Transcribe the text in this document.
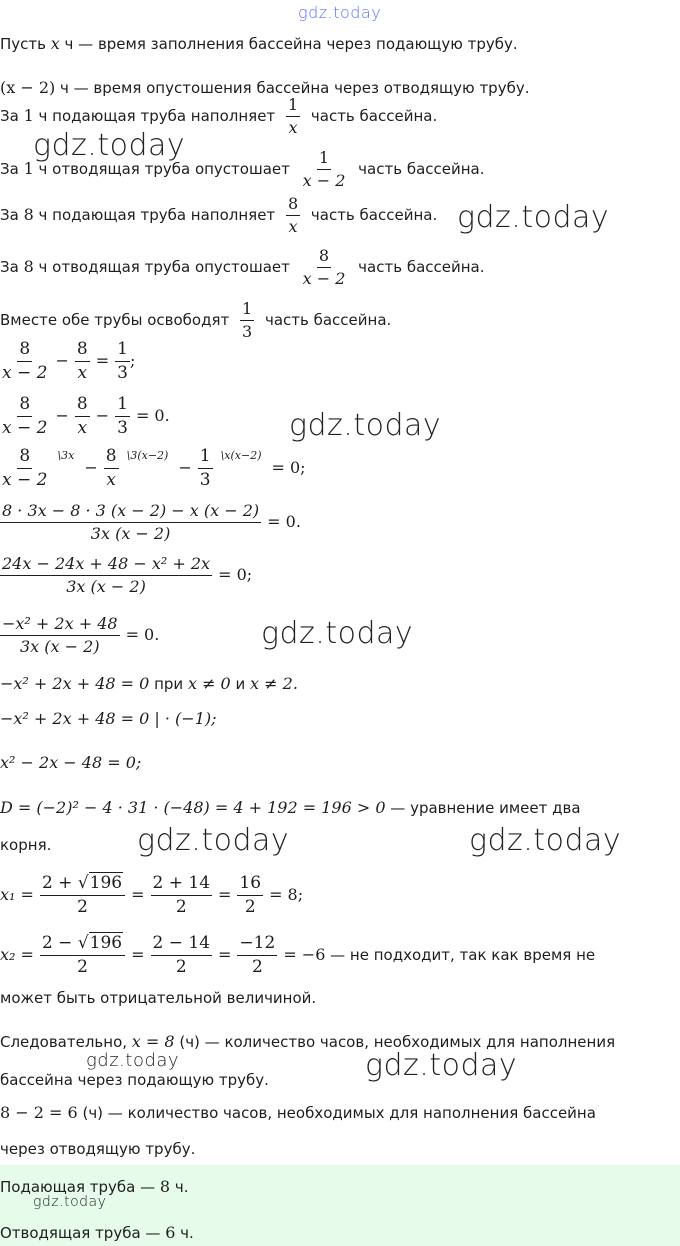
gdz.today
Пусть x ч — время заполнения бассейна через подающую трубу.
(x − 2) ч — время опустошения бассейна через отводящую трубу.
За 1 ч подающая труба наполняет $\frac{1}{x}$ часть бассейна.
gdz.today
За 1 ч отводящая труба опустошает $\frac{1}{x - 2}$ часть бассейна.
За 8 ч подающая труба наполняет $\frac{8}{x}$ часть бассейна. gdz.today
За 8 ч отводящая труба опустошает $\frac{8}{x - 2}$ часть бассейна.
Вместе обе трубы освободят $\frac{1}{3}$ часть бассейна.
$\frac{8}{x - 2} - \frac{8}{x} = \frac{1}{3}$ ;
$\frac{8}{x - 2} - \frac{8}{x} - \frac{1}{3} = 0$.	gdz.today
$\frac{8}{x - 2} ^{\backslash 3x}- \frac{8}{x} ^{\backslash 3(x-2)}- \frac{1}{3} ^{\backslash x(x-2)}= 0$;
$\frac{8 \cdot 3x - 8 \cdot 3 (x - 2) - x (x - 2)}{3x (x - 2)} = 0$.
$\frac{\text{24x − 24x + 48 − x² + 2x}}{3x (x - 2)} = 0$;
$\frac{\text{−x² + 2x + 48}}{3x (x - 2)} = 0$.	gdz.today
−x² + 2x + 48 = 0 при x ≠ 0 и x ≠ 2.
−x² + 2x + 48 = 0 | · (−1);
x² − 2x − 48 = 0;
D = (−2)² − 4 · 31 · (−48) = 4 + 192 = 196 > 0 — уравнение имеет два
корня.	gdz.today	gdz.today
$x_1 = \frac{2 + √196}{2} = \frac{2 + 14}{2} = \frac{16}{2} = 8$;
$x_2 = \frac{2 - √196}{2} = \frac{2 - 14}{2} = \frac{-12}{2} = -6$ — не подходит, так как время не
может быть отрицательной величиной.
Следовательно, x = 8 (ч) — количество часов, необходимых для наполнения
gdz.today
бассейна через подающую трубу.	gdz.today
8 − 2 = 6 (ч) — количество часов, необходимых для наполнения бассейна
через отводящую трубу.
Подающая труба — 8 ч.
gdz.today
Отводящая труба — 6 ч.
